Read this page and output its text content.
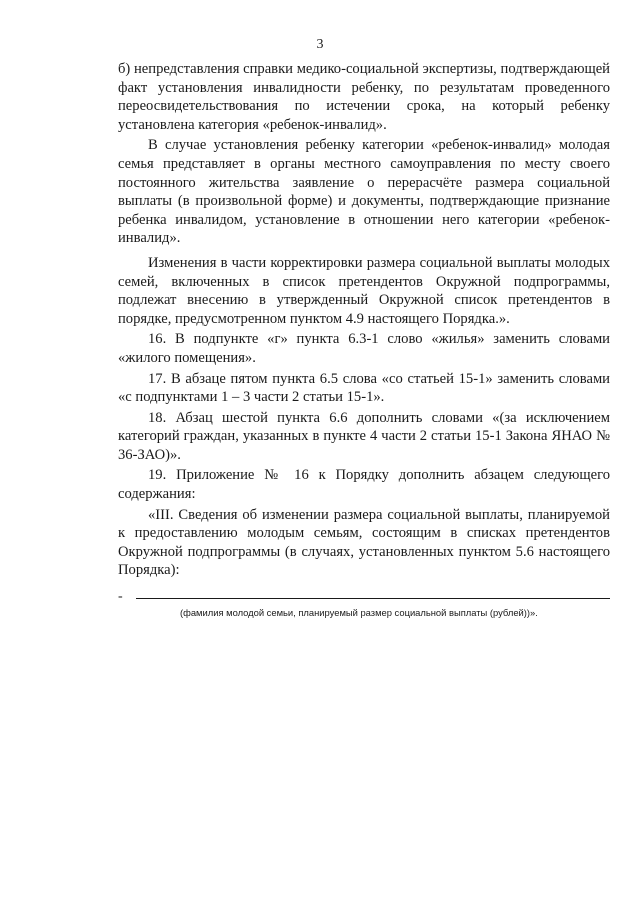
3

б) непредставления справки медико-социальной экспертизы, подтверждающей факт установления инвалидности ребенку, по результатам проведенного переосвидетельствования по истечении срока, на который ребенку установлена категория «ребенок-инвалид».

В случае установления ребенку категории «ребенок-инвалид» молодая семья представляет в органы местного самоуправления по месту своего постоянного жительства заявление о перерасчёте размера социальной выплаты (в произвольной форме) и документы, подтверждающие признание ребенка инвалидом, установление в отношении него категории «ребенок-инвалид».

Изменения в части корректировки размера социальной выплаты молодых семей, включенных в список претендентов Окружной подпрограммы, подлежат внесению в утвержденный Окружной список претендентов в порядке, предусмотренном пунктом 4.9 настоящего Порядка.».

16. В подпункте «г» пункта 6.3-1 слово «жилья» заменить словами «жилого помещения».

17. В абзаце пятом пункта 6.5 слова «со статьей 15-1» заменить словами «с подпунктами 1 – 3 части 2 статьи 15-1».

18. Абзац шестой пункта 6.6 дополнить словами «(за исключением категорий граждан, указанных в пункте 4 части 2 статьи 15-1 Закона ЯНАО № 36-ЗАО)».

19. Приложение № 16 к Порядку дополнить абзацем следующего содержания:

«III. Сведения об изменении размера социальной выплаты, планируемой к предоставлению молодым семьям, состоящим в списках претендентов Окружной подпрограммы (в случаях, установленных пунктом 5.6 настоящего Порядка):

-
(фамилия молодой семьи, планируемый размер социальной выплаты (рублей))».
